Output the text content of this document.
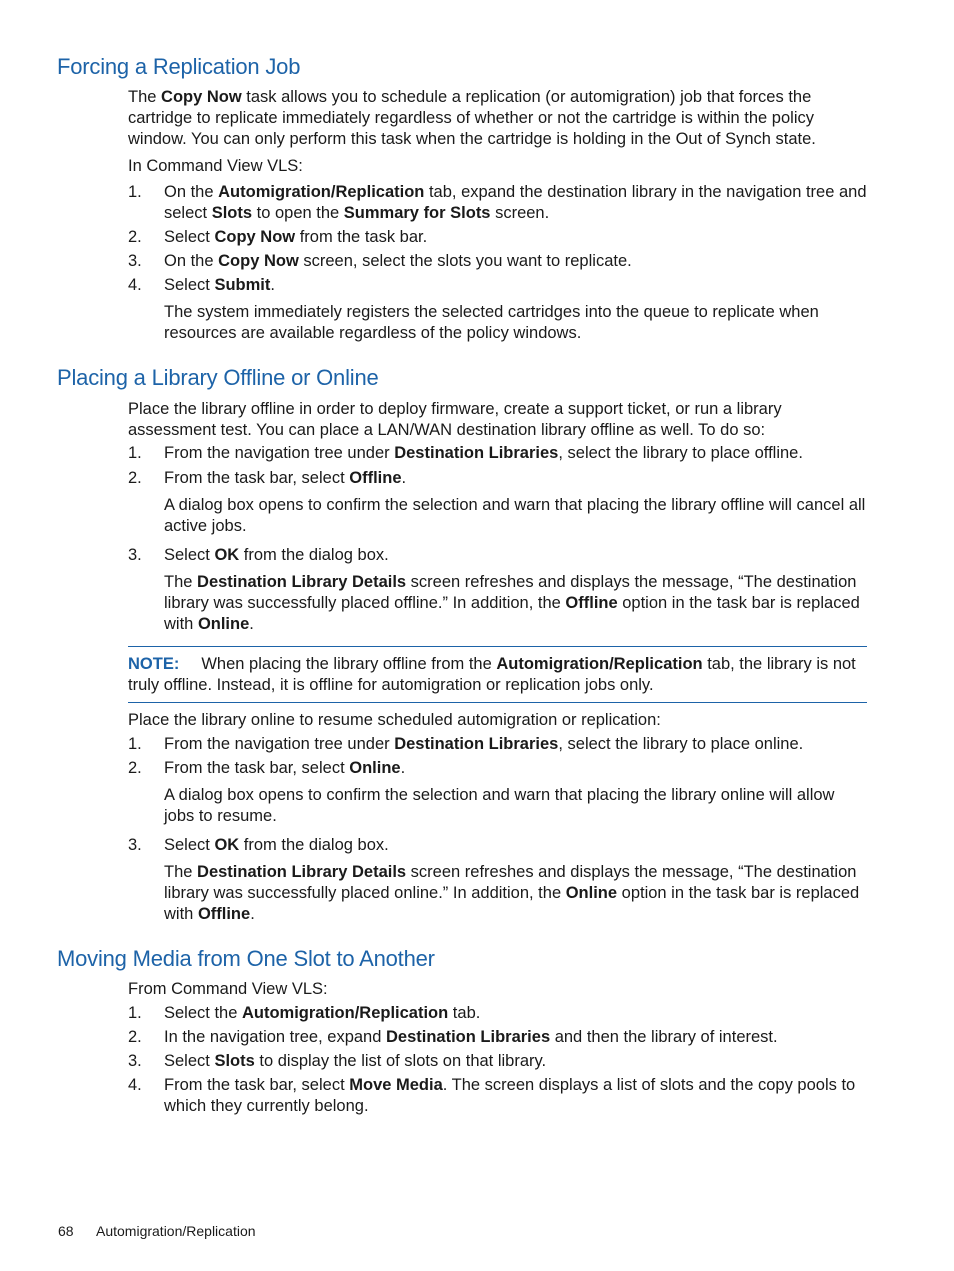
Forcing a Replication Job

The Copy Now task allows you to schedule a replication (or automigration) job that forces the cartridge to replicate immediately regardless of whether or not the cartridge is within the policy window. You can only perform this task when the cartridge is holding in the Out of Synch state.

In Command View VLS:

1.	On the Automigration/Replication tab, expand the destination library in the navigation tree and select Slots to open the Summary for Slots screen.
2.	Select Copy Now from the task bar.
3.	On the Copy Now screen, select the slots you want to replicate.
4.	Select Submit.

The system immediately registers the selected cartridges into the queue to replicate when resources are available regardless of the policy windows.

Placing a Library Offline or Online

Place the library offline in order to deploy firmware, create a support ticket, or run a library assessment test. You can place a LAN/WAN destination library offline as well. To do so:

1.	From the navigation tree under Destination Libraries, select the library to place offline.
2.	From the task bar, select Offline.

A dialog box opens to confirm the selection and warn that placing the library offline will cancel all active jobs.

3.	Select OK from the dialog box.

The Destination Library Details screen refreshes and displays the message, “The destination library was successfully placed offline.” In addition, the Offline option in the task bar is replaced with Online.

NOTE: When placing the library offline from the Automigration/Replication tab, the library is not truly offline. Instead, it is offline for automigration or replication jobs only.

Place the library online to resume scheduled automigration or replication:

1.	From the navigation tree under Destination Libraries, select the library to place online.
2.	From the task bar, select Online.

A dialog box opens to confirm the selection and warn that placing the library online will allow jobs to resume.

3.	Select OK from the dialog box.

The Destination Library Details screen refreshes and displays the message, “The destination library was successfully placed online.” In addition, the Online option in the task bar is replaced with Offline.

Moving Media from One Slot to Another

From Command View VLS:

1.	Select the Automigration/Replication tab.
2.	In the navigation tree, expand Destination Libraries and then the library of interest.
3.	Select Slots to display the list of slots on that library.
4.	From the task bar, select Move Media. The screen displays a list of slots and the copy pools to which they currently belong.
68 Automigration/Replication
